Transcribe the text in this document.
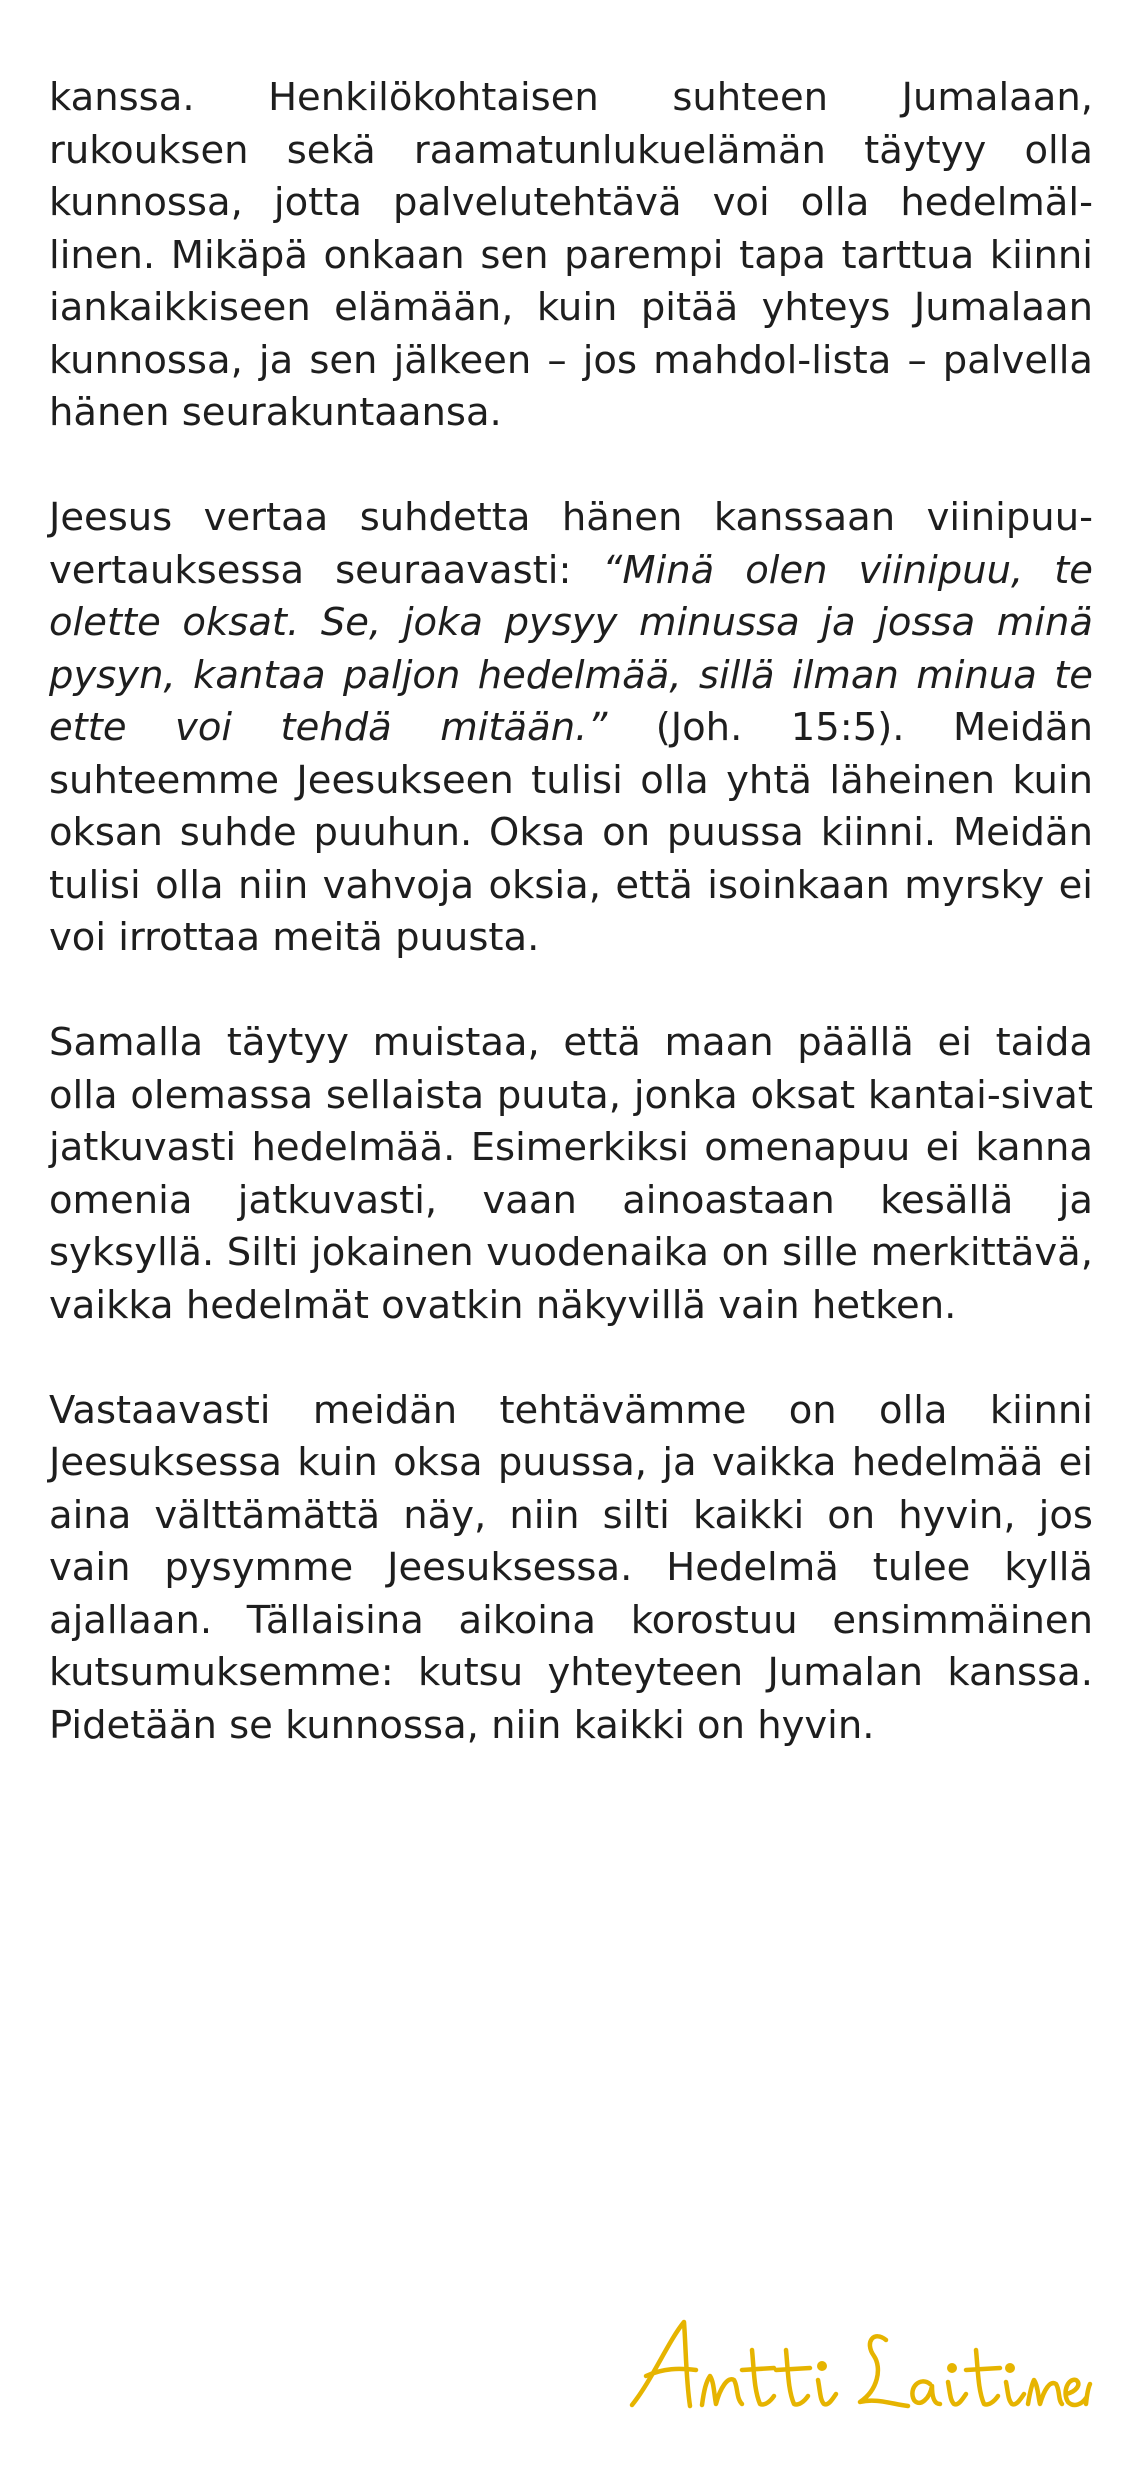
kanssa. Henkilökohtaisen suhteen Jumalaan, rukouksen sekä raamatunlukuelämän täytyy olla kunnossa, jotta palvelutehtävä voi olla hedelmäl-linen. Mikäpä onkaan sen parempi tapa tarttua kiinni iankaikkiseen elämään, kuin pitää yhteys Jumalaan kunnossa, ja sen jälkeen – jos mahdol-lista – palvella hänen seurakuntaansa.

Jeesus vertaa suhdetta hänen kanssaan viinipuu-vertauksessa seuraavasti: “Minä olen viinipuu, te olette oksat. Se, joka pysyy minussa ja jossa minä pysyn, kantaa paljon hedelmää, sillä ilman minua te ette voi tehdä mitään.” (Joh. 15:5). Meidän suhteemme Jeesukseen tulisi olla yhtä läheinen kuin oksan suhde puuhun. Oksa on puussa kiinni. Meidän tulisi olla niin vahvoja oksia, että isoinkaan myrsky ei voi irrottaa meitä puusta.

Samalla täytyy muistaa, että maan päällä ei taida olla olemassa sellaista puuta, jonka oksat kantai-sivat jatkuvasti hedelmää. Esimerkiksi omenapuu ei kanna omenia jatkuvasti, vaan ainoastaan kesällä ja syksyllä. Silti jokainen vuodenaika on sille merkittävä, vaikka hedelmät ovatkin näkyvillä vain hetken.

Vastaavasti meidän tehtävämme on olla kiinni Jeesuksessa kuin oksa puussa, ja vaikka hedelmää ei aina välttämättä näy, niin silti kaikki on hyvin, jos vain pysymme Jeesuksessa. Hedelmä tulee kyllä ajallaan. Tällaisina aikoina korostuu ensimmäinen kutsumuksemme: kutsu yhteyteen Jumalan kanssa. Pidetään se kunnossa, niin kaikki on hyvin.
